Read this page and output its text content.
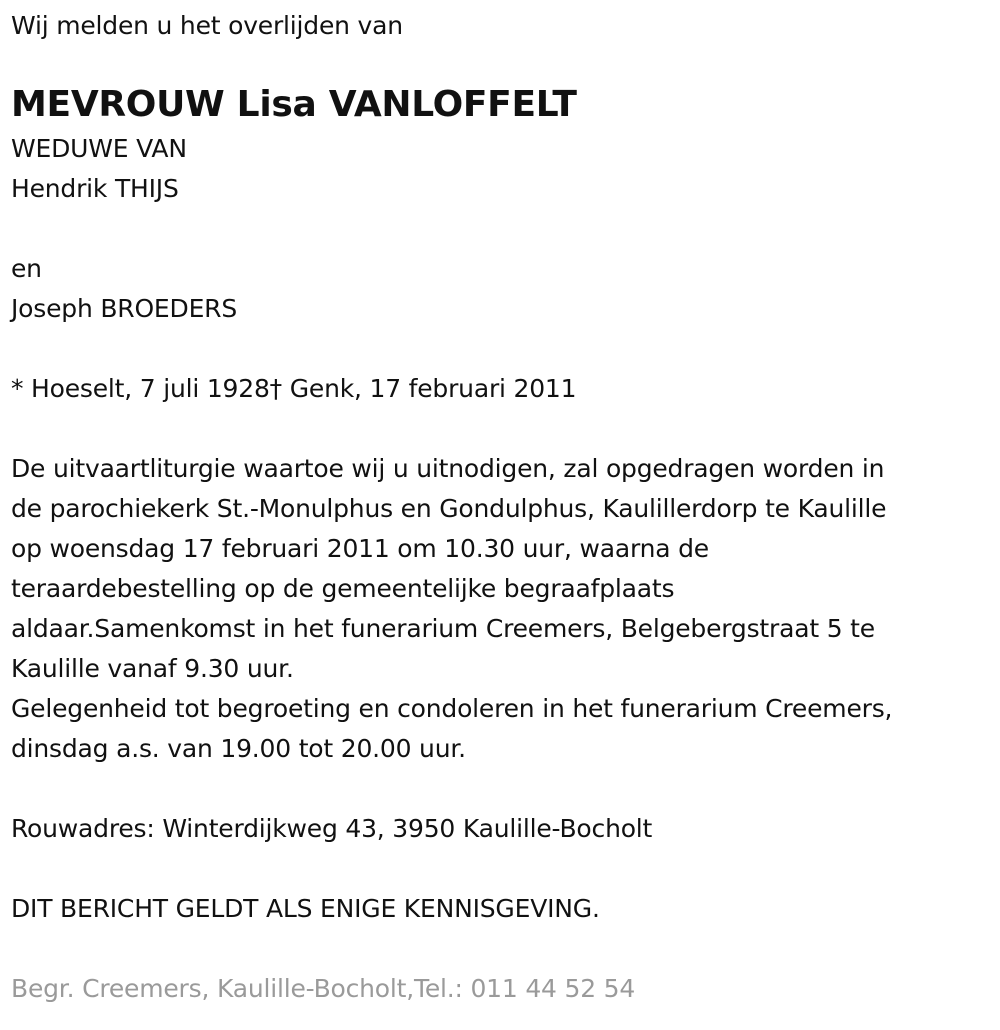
Wij melden u het overlijden van
MEVROUW Lisa VANLOFFELT
WEDUWE VAN
Hendrik THIJS
en
Joseph BROEDERS
* Hoeselt, 7 juli 1928† Genk, 17 februari 2011
De uitvaartliturgie waartoe wij u uitnodigen, zal opgedragen worden in
de parochiekerk St.-Monulphus en Gondulphus, Kaulillerdorp te Kaulille
op woensdag 17 februari 2011 om 10.30 uur, waarna de
teraardebestelling op de gemeentelijke begraafplaats
aldaar.Samenkomst in het funerarium Creemers, Belgebergstraat 5 te
Kaulille vanaf 9.30 uur.
Gelegenheid tot begroeting en condoleren in het funerarium Creemers,
dinsdag a.s. van 19.00 tot 20.00 uur.
Rouwadres: Winterdijkweg 43, 3950 Kaulille-Bocholt
DIT BERICHT GELDT ALS ENIGE KENNISGEVING.
Begr. Creemers, Kaulille-Bocholt,Tel.: 011 44 52 54
